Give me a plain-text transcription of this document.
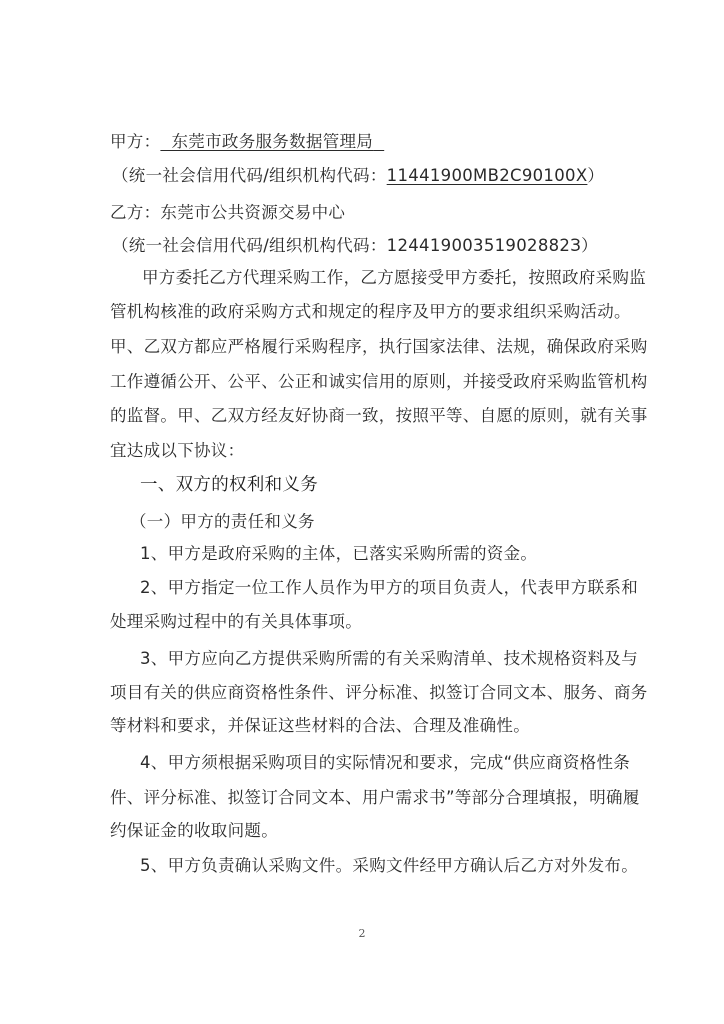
甲方： 东莞市政务服务数据管理局

（统一社会信用代码/组织机构代码：11441900MB2C90100X）

乙方：东莞市公共资源交易中心

（统一社会信用代码/组织机构代码：12441900351902882З）

甲方委托乙方代理采购工作，乙方愿接受甲方委托，按照政府采购监

管机构核准的政府采购方式和规定的程序及甲方的要求组织采购活动。

甲、乙双方都应严格履行采购程序，执行国家法律、法规，确保政府采购

工作遵循公开、公平、公正和诚实信用的原则，并接受政府采购监管机构

的监督。甲、乙双方经友好协商一致，按照平等、自愿的原则，就有关事

宜达成以下协议：

一、双方的权利和义务

（一）甲方的责任和义务

1、甲方是政府采购的主体，已落实采购所需的资金。

2、甲方指定一位工作人员作为甲方的项目负责人，代表甲方联系和

处理采购过程中的有关具体事项。

3、甲方应向乙方提供采购所需的有关采购清单、技术规格资料及与

项目有关的供应商资格性条件、评分标准、拟签订合同文本、服务、商务

等材料和要求，并保证这些材料的合法、合理及准确性。

4、甲方须根据采购项目的实际情况和要求，完成“供应商资格性条

件、评分标准、拟签订合同文本、用户需求书”等部分合理填报，明确履

约保证金的收取问题。

5、甲方负责确认采购文件。采购文件经甲方确认后乙方对外发布。

2
